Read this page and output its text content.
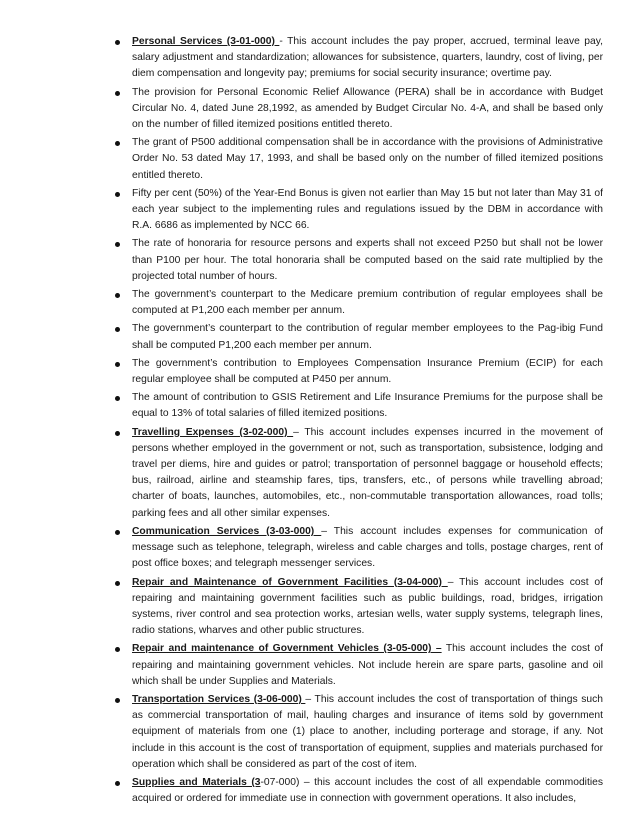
Personal Services (3-01-000) - This account includes the pay proper, accrued, terminal leave pay, salary adjustment and standardization; allowances for subsistence, quarters, laundry, cost of living, per diem compensation and longevity pay; premiums for social security insurance; overtime pay.
The provision for Personal Economic Relief Allowance (PERA) shall be in accordance with Budget Circular No. 4, dated June 28,1992, as amended by Budget Circular No. 4-A, and shall be based only on the number of filled itemized positions entitled thereto.
The grant of P500 additional compensation shall be in accordance with the provisions of Administrative Order No. 53 dated May 17, 1993, and shall be based only on the number of filled itemized positions entitled thereto.
Fifty per cent (50%) of the Year-End Bonus is given not earlier than May 15 but not later than May 31 of each year subject to the implementing rules and regulations issued by the DBM in accordance with R.A. 6686 as implemented by NCC 66.
The rate of honoraria for resource persons and experts shall not exceed P250 but shall not be lower than P100 per hour. The total honoraria shall be computed based on the said rate multiplied by the projected total number of hours.
The government’s counterpart to the Medicare premium contribution of regular employees shall be computed at P1,200 each member per annum.
The government’s counterpart to the contribution of regular member employees to the Pag-ibig Fund shall be computed P1,200 each member per annum.
The government’s contribution to Employees Compensation Insurance Premium (ECIP) for each regular employee shall be computed at P450 per annum.
The amount of contribution to GSIS Retirement and Life Insurance Premiums for the purpose shall be equal to 13% of total salaries of filled itemized positions.
Travelling Expenses (3-02-000) – This account includes expenses incurred in the movement of persons whether employed in the government or not, such as transportation, subsistence, lodging and travel per diems, hire and guides or patrol; transportation of personnel baggage or household effects; bus, railroad, airline and steamship fares, tips, transfers, etc., of persons while travelling abroad; charter of boats, launches, automobiles, etc., non-commutable transportation allowances, road tolls; parking fees and all other similar expenses.
Communication Services (3-03-000) – This account includes expenses for communication of message such as telephone, telegraph, wireless and cable charges and tolls, postage charges, rent of post office boxes; and telegraph messenger services.
Repair and Maintenance of Government Facilities (3-04-000) – This account includes cost of repairing and maintaining government facilities such as public buildings, road, bridges, irrigation systems, river control and sea protection works, artesian wells, water supply systems, telegraph lines, radio stations, wharves and other public structures.
Repair and maintenance of Government Vehicles (3-05-000) – This account includes the cost of repairing and maintaining government vehicles. Not include herein are spare parts, gasoline and oil which shall be under Supplies and Materials.
Transportation Services (3-06-000) – This account includes the cost of transportation of things such as commercial transportation of mail, hauling charges and insurance of items sold by government equipment of materials from one (1) place to another, including porterage and storage, if any. Not include in this account is the cost of transportation of equipment, supplies and materials purchased for operation which shall be considered as part of the cost of item.
Supplies and Materials (3-07-000) – this account includes the cost of all expendable commodities acquired or ordered for immediate use in connection with government operations. It also includes,
